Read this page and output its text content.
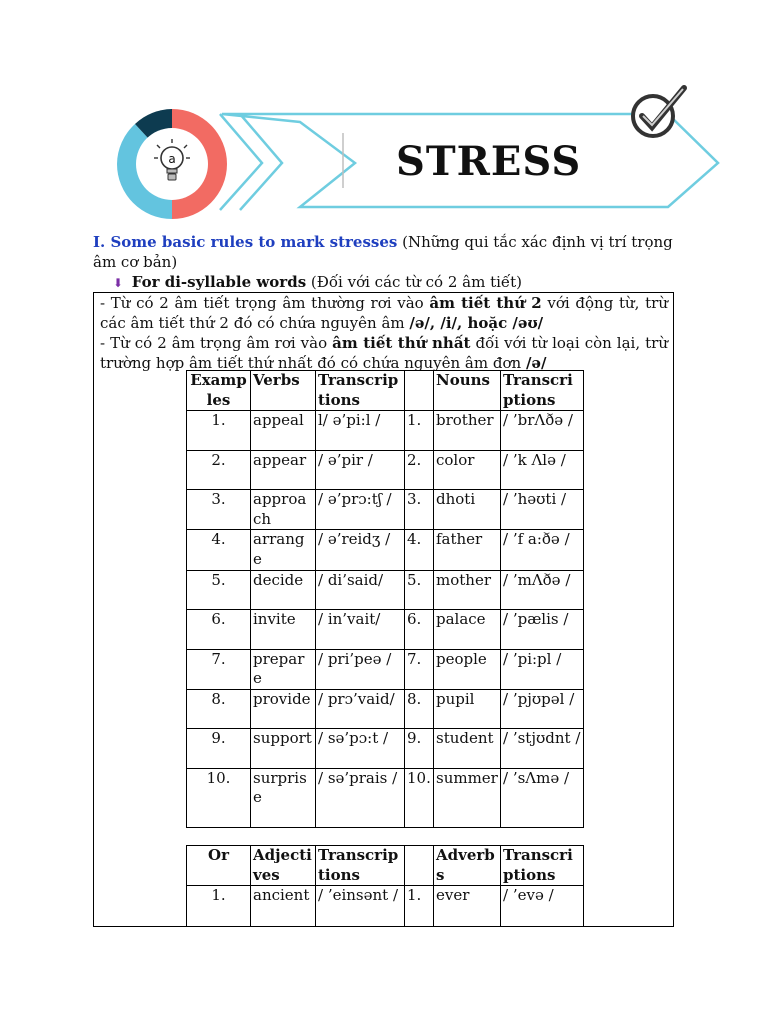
a	STRESS
I. Some basic rules to mark stresses (Những qui tắc xác định vị trí trọng âm cơ bản)
⬇ For di-syllable words (Đối với các từ có 2 âm tiết)

- Từ có 2 âm tiết trọng âm thường rơi vào âm tiết thứ 2 với động từ, trừ các âm tiết thứ 2 đó có chứa nguyên âm /ə/, /i/, hoặc /əʊ/

- Từ có 2 âm trọng âm rơi vào âm tiết thứ nhất đối với từ loại còn lại, trừ trường hợp âm tiết thứ nhất đó có chứa nguyên âm đơn /ə/

Examples	Verbs	Transcriptions		Nouns	Transcriptions
1.	appeal	l/ ə’pi:l /	1.	brother	/ ’brΛðə /
2.	appear	/ ə’pir /	2.	color	/ ’k Λlə /
3.	approach	/ ə’prɔ:tʃ /	3.	dhoti	/ ’həʊti /
4.	arrange	/ ə’reidʒ /	4.	father	/ ’f a:ðə /
5.	decide	/ di’said/	5.	mother	/ ’mΛðə /
6.	invite	/ in’vait/	6.	palace	/ ’pælis /
7.	prepare	/ pri’peə /	7.	people	/ ’pi:pl /
8.	provide	/ prɔ’vaid/	8.	pupil	/ ’pjʊpəl /
9.	support	/ sə’pɔ:t /	9.	student	/ ’stjʊdnt /
10.	surprise	/ sə’prais /	10.	summer	/ ’sΛmə /
Or	Adjectives	Transcriptions		Adverbs	Transcriptions
1.	ancient	/ ’einsənt /	1.	ever	/ ’evə /
